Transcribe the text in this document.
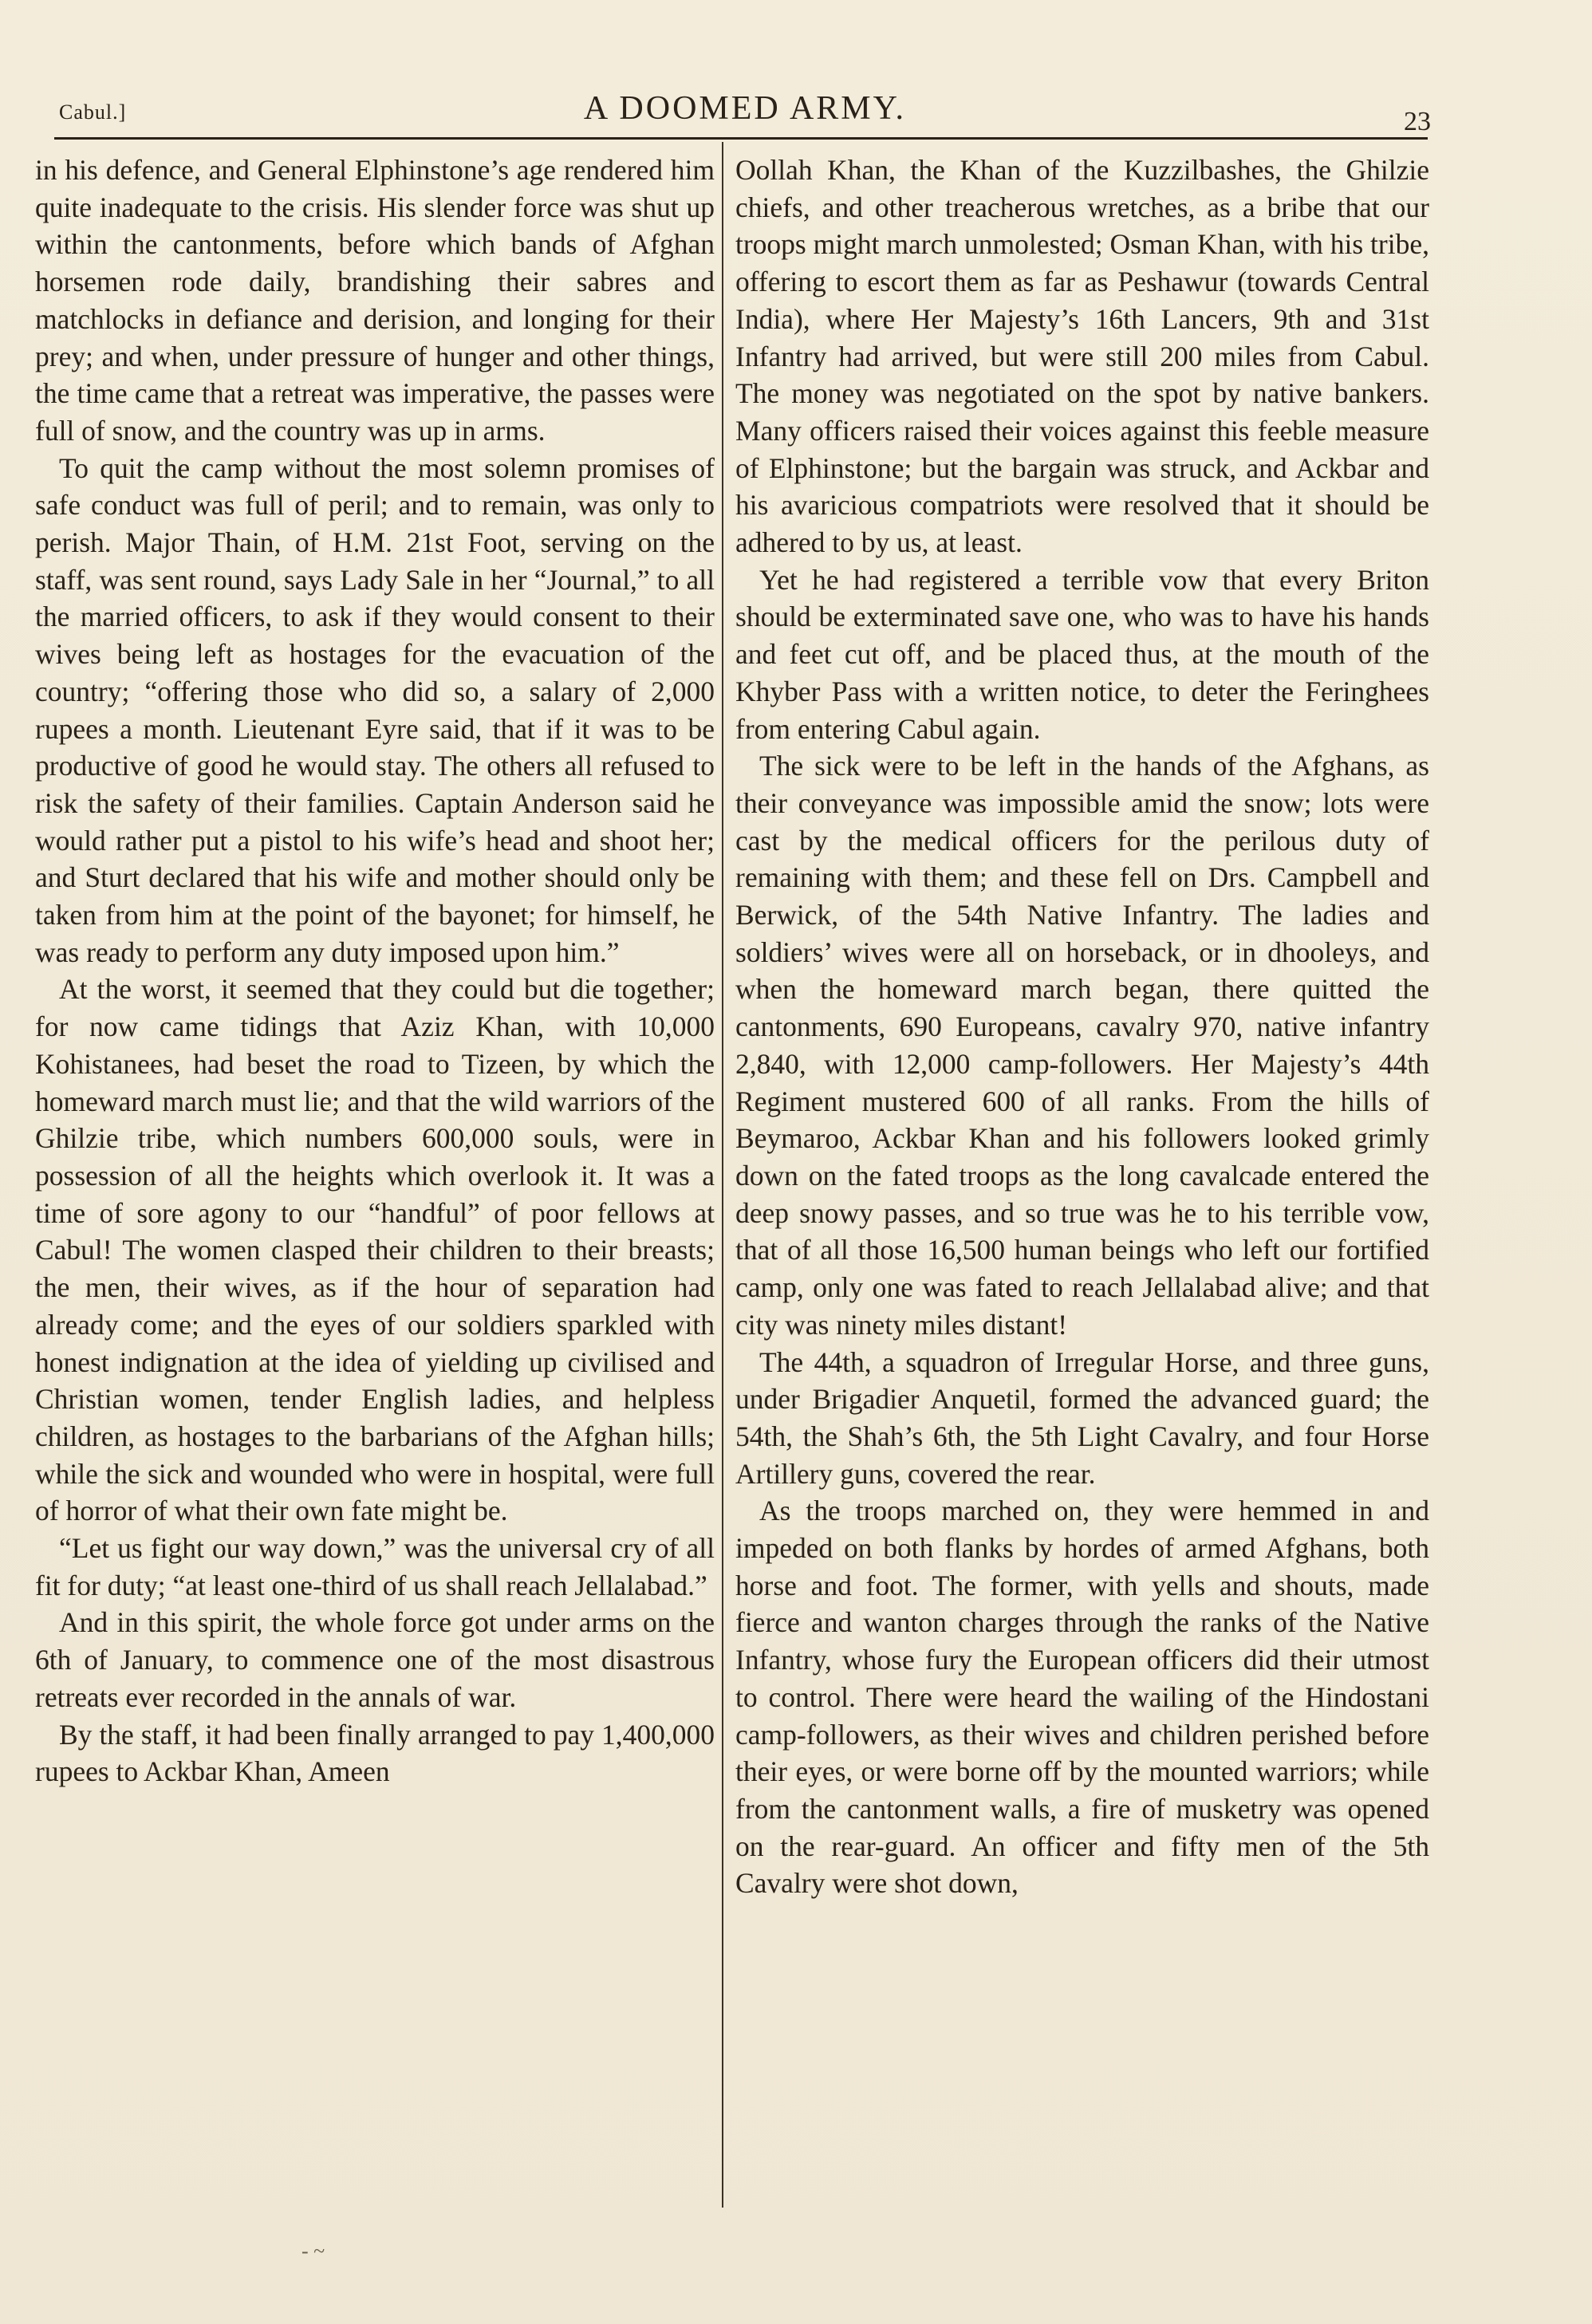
Cabul.]	A DOOMED ARMY.	23

in his defence, and General Elphinstone’s age rendered him quite inadequate to the crisis. His slender force was shut up within the cantonments, before which bands of Afghan horsemen rode daily, brandishing their sabres and matchlocks in defiance and derision, and longing for their prey; and when, under pressure of hunger and other things, the time came that a retreat was imperative, the passes were full of snow, and the country was up in arms.

To quit the camp without the most solemn promises of safe conduct was full of peril; and to remain, was only to perish. Major Thain, of H.M. 21st Foot, serving on the staff, was sent round, says Lady Sale in her “Journal,” to all the married officers, to ask if they would consent to their wives being left as hostages for the evacuation of the country; “offering those who did so, a salary of 2,000 rupees a month. Lieutenant Eyre said, that if it was to be productive of good he would stay. The others all refused to risk the safety of their families. Captain Anderson said he would rather put a pistol to his wife’s head and shoot her; and Sturt declared that his wife and mother should only be taken from him at the point of the bayonet; for himself, he was ready to perform any duty imposed upon him.”

At the worst, it seemed that they could but die together; for now came tidings that Aziz Khan, with 10,000 Kohistanees, had beset the road to Tizeen, by which the homeward march must lie; and that the wild warriors of the Ghilzie tribe, which numbers 600,000 souls, were in possession of all the heights which overlook it. It was a time of sore agony to our “handful” of poor fellows at Cabul! The women clasped their children to their breasts; the men, their wives, as if the hour of separation had already come; and the eyes of our soldiers sparkled with honest indignation at the idea of yielding up civilised and Christian women, tender English ladies, and helpless children, as hostages to the barbarians of the Afghan hills; while the sick and wounded who were in hospital, were full of horror of what their own fate might be.

“Let us fight our way down,” was the universal cry of all fit for duty; “at least one-third of us shall reach Jellalabad.”

And in this spirit, the whole force got under arms on the 6th of January, to commence one of the most disastrous retreats ever recorded in the annals of war.

By the staff, it had been finally arranged to pay 1,400,000 rupees to Ackbar Khan, Ameen

Oollah Khan, the Khan of the Kuzzilbashes, the Ghilzie chiefs, and other treacherous wretches, as a bribe that our troops might march unmolested; Osman Khan, with his tribe, offering to escort them as far as Peshawur (towards Central India), where Her Majesty’s 16th Lancers, 9th and 31st Infantry had arrived, but were still 200 miles from Cabul. The money was negotiated on the spot by native bankers. Many officers raised their voices against this feeble measure of Elphinstone; but the bargain was struck, and Ackbar and his avaricious compatriots were resolved that it should be adhered to by us, at least.

Yet he had registered a terrible vow that every Briton should be exterminated save one, who was to have his hands and feet cut off, and be placed thus, at the mouth of the Khyber Pass with a written notice, to deter the Feringhees from entering Cabul again.

The sick were to be left in the hands of the Afghans, as their conveyance was impossible amid the snow; lots were cast by the medical officers for the perilous duty of remaining with them; and these fell on Drs. Campbell and Berwick, of the 54th Native Infantry. The ladies and soldiers’ wives were all on horseback, or in dhooleys, and when the homeward march began, there quitted the cantonments, 690 Europeans, cavalry 970, native infantry 2,840, with 12,000 camp-followers. Her Majesty’s 44th Regiment mustered 600 of all ranks. From the hills of Beymaroo, Ackbar Khan and his followers looked grimly down on the fated troops as the long cavalcade entered the deep snowy passes, and so true was he to his terrible vow, that of all those 16,500 human beings who left our fortified camp, only one was fated to reach Jellalabad alive; and that city was ninety miles distant!

The 44th, a squadron of Irregular Horse, and three guns, under Brigadier Anquetil, formed the advanced guard; the 54th, the Shah’s 6th, the 5th Light Cavalry, and four Horse Artillery guns, covered the rear.

As the troops marched on, they were hemmed in and impeded on both flanks by hordes of armed Afghans, both horse and foot. The former, with yells and shouts, made fierce and wanton charges through the ranks of the Native Infantry, whose fury the European officers did their utmost to control. There were heard the wailing of the Hindostani camp-followers, as their wives and children perished before their eyes, or were borne off by the mounted warriors; while from the cantonment walls, a fire of musketry was opened on the rear-guard. An officer and fifty men of the 5th Cavalry were shot down,

- ~
